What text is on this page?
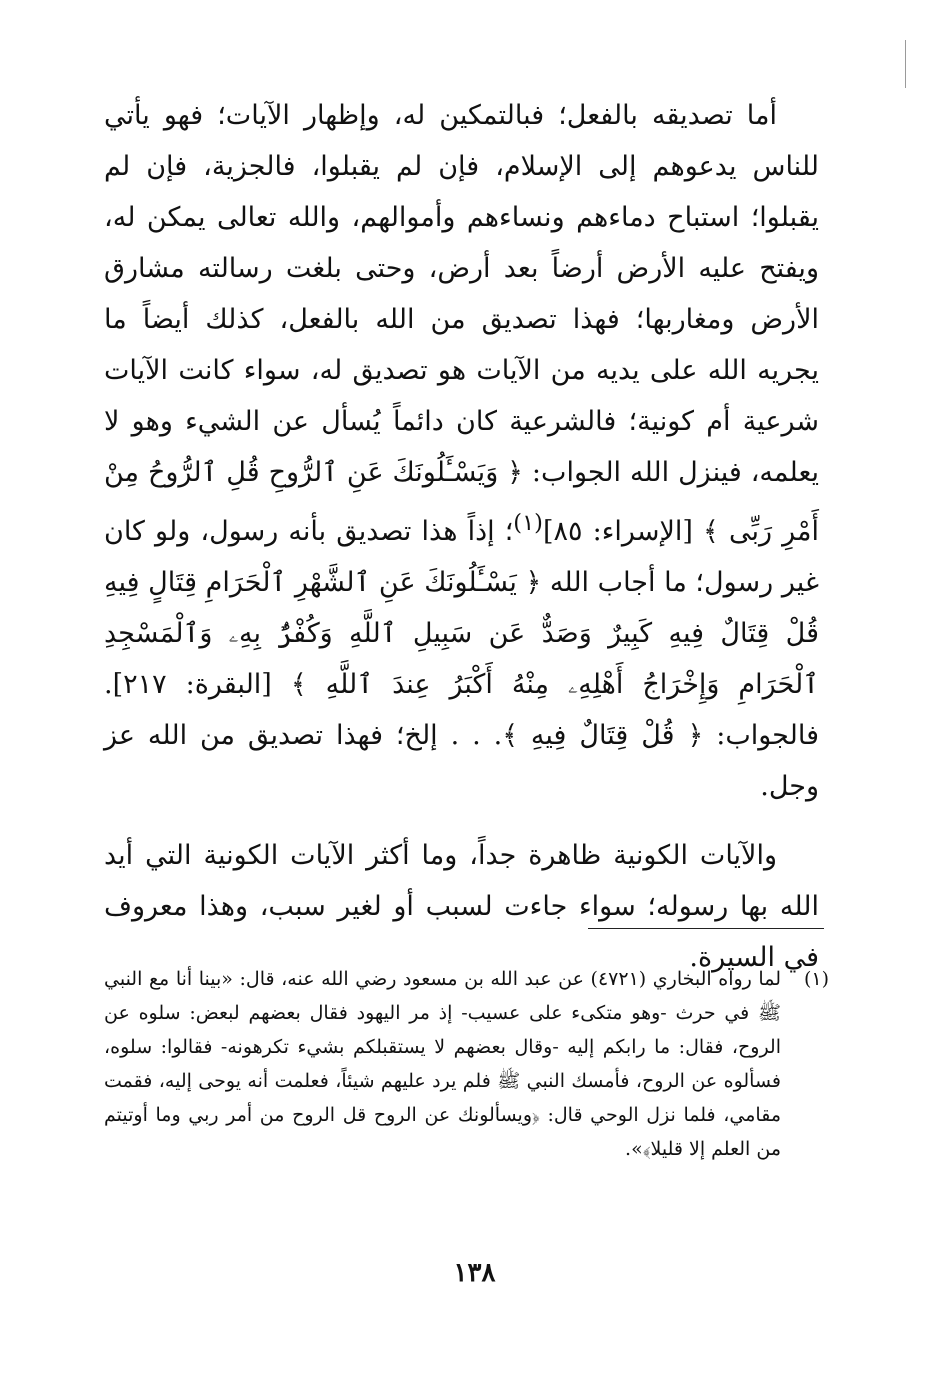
أما تصديقه بالفعل؛ فبالتمكين له، وإظهار الآيات؛ فهو يأتي للناس يدعوهم إلى الإسلام، فإن لم يقبلوا، فالجزية، فإن لم يقبلوا؛ استباح دماءهم ونساءهم وأموالهم، والله تعالى يمكن له، ويفتح عليه الأرض أرضاً بعد أرض، وحتى بلغت رسالته مشارق الأرض ومغاربها؛ فهذا تصديق من الله بالفعل، كذلك أيضاً ما يجريه الله على يديه من الآيات هو تصديق له، سواء كانت الآيات شرعية أم كونية؛ فالشرعية كان دائماً يُسأل عن الشيء وهو لا يعلمه، فينزل الله الجواب: ﴿ وَيَسْـَٔلُونَكَ عَنِ ٱلرُّوحِ قُلِ ٱلرُّوحُ مِنْ أَمْرِ رَبِّى ﴾ [الإسراء: ٨٥]$^{(١)}$؛ إذاً هذا تصديق بأنه رسول، ولو كان غير رسول؛ ما أجاب الله ﴿ يَسْـَٔلُونَكَ عَنِ ٱلشَّهْرِ ٱلْحَرَامِ قِتَالٍ فِيهِ قُلْ قِتَالٌ فِيهِ كَبِيرٌ وَصَدٌّ عَن سَبِيلِ ٱللَّهِ وَكُفْرٌۢ بِهِۦ وَٱلْمَسْجِدِ ٱلْحَرَامِ وَإِخْرَاجُ أَهْلِهِۦ مِنْهُ أَكْبَرُ عِندَ ٱللَّهِ ﴾ [البقرة: ٢١٧]. فالجواب: ﴿ قُلْ قِتَالٌ فِيهِ ﴾. . . إلخ؛ فهذا تصديق من الله عز وجل.

والآيات الكونية ظاهرة جداً، وما أكثر الآيات الكونية التي أيد الله بها رسوله؛ سواء جاءت لسبب أو لغير سبب، وهذا معروف في السيرة.

(١)
لما رواه البخاري (٤٧٢١) عن عبد الله بن مسعود رضي الله عنه، قال: «بينا أنا مع النبي ﷺ في حرث -وهو متكىء على عسيب- إذ مر اليهود فقال بعضهم لبعض: سلوه عن الروح، فقال: ما رابكم إليه -وقال بعضهم لا يستقبلكم بشيء تكرهونه- فقالوا: سلوه، فسألوه عن الروح، فأمسك النبي ﷺ فلم يرد عليهم شيئاً، فعلمت أنه يوحى إليه، فقمت مقامي، فلما نزل الوحي قال: ﴿ويسألونك عن الروح قل الروح من أمر ربي وما أوتيتم من العلم إلا قليلا﴾».
١٣٨
